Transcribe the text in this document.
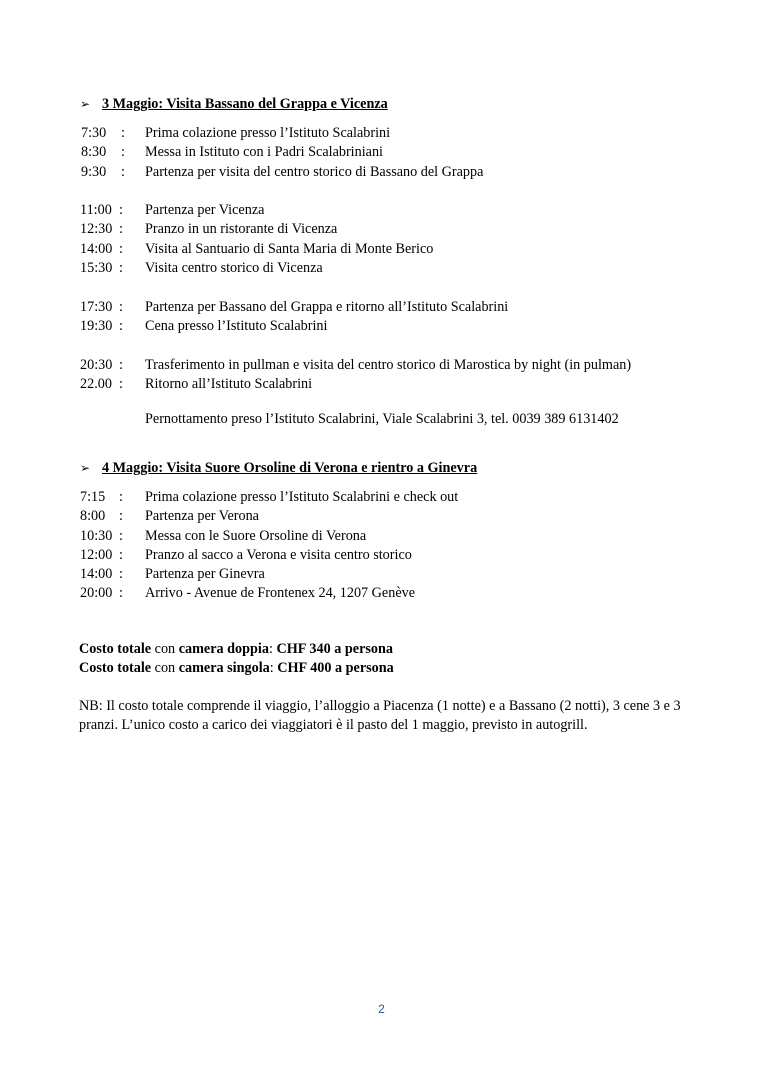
➢ 3 Maggio: Visita Bassano del Grappa e Vicenza
7:30 : Prima colazione presso l’Istituto Scalabrini
8:30 : Messa in Istituto con i Padri Scalabriniani
9:30 : Partenza per visita del centro storico di Bassano del Grappa
11:00 : Partenza per Vicenza
12:30 : Pranzo in un ristorante di Vicenza
14:00 : Visita al Santuario di Santa Maria di Monte Berico
15:30 : Visita centro storico di Vicenza
17:30 : Partenza per Bassano del Grappa e ritorno all’Istituto Scalabrini
19:30 : Cena presso l’Istituto Scalabrini
20:30 : Trasferimento in pullman e visita del centro storico di Marostica by night (in pulman)
22.00 : Ritorno all’Istituto Scalabrini
Pernottamento preso l’Istituto Scalabrini, Viale Scalabrini 3, tel. 0039 389 6131402
➢ 4 Maggio: Visita Suore Orsoline di Verona e rientro a Ginevra
7:15 : Prima colazione presso l’Istituto Scalabrini e check out
8:00 : Partenza per Verona
10:30 : Messa con le Suore Orsoline di Verona
12:00 : Pranzo al sacco a Verona e visita centro storico
14:00 : Partenza per Ginevra
20:00 : Arrivo - Avenue de Frontenex 24, 1207 Genève
Costo totale con camera doppia: CHF 340 a persona
Costo totale con camera singola: CHF 400 a persona
NB: Il costo totale comprende il viaggio, l’alloggio a Piacenza (1 notte) e a Bassano (2 notti), 3 cene 3 e 3 pranzi. L’unico costo a carico dei viaggiatori è il pasto del 1 maggio, previsto in autogrill.
2
